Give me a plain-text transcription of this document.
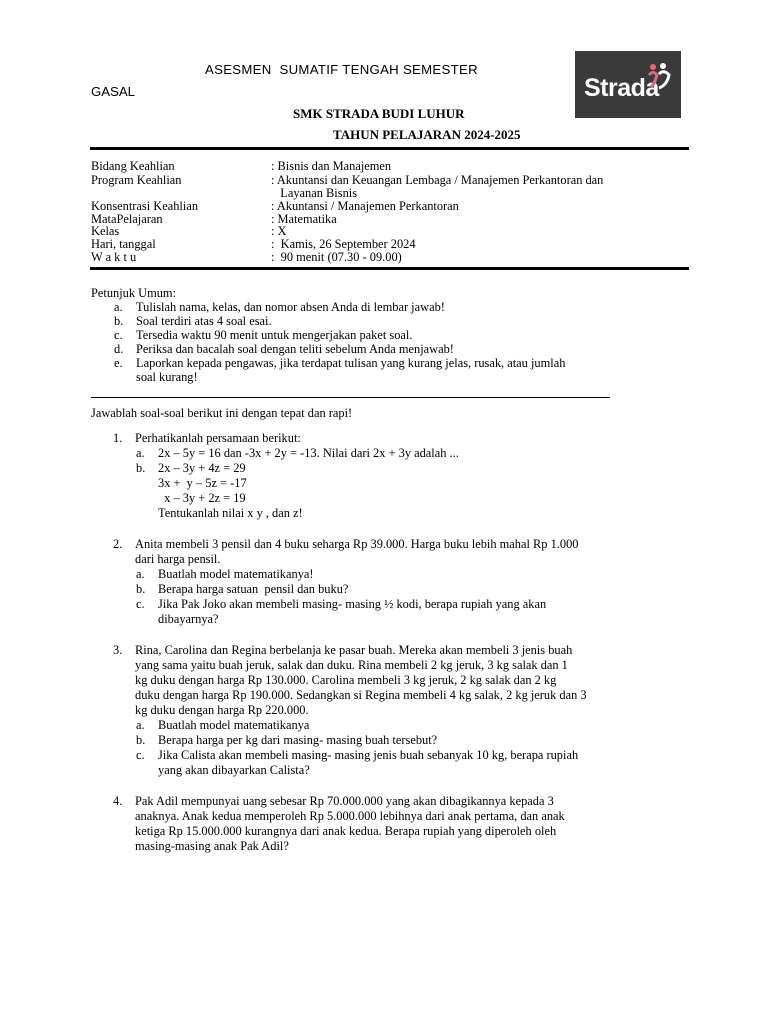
ASESMEN  SUMATIF TENGAH SEMESTER
GASAL
SMK STRADA BUDI LUHUR
TAHUN PELAJARAN 2024-2025
Strada
Bidang Keahlian	: Bisnis dan Manajemen
Program Keahlian	: Akuntansi dan Keuangan Lembaga / Manajemen Perkantoran dan
Layanan Bisnis
Konsentrasi Keahlian	: Akuntansi / Manajemen Perkantoran
MataPelajaran	: Matematika
Kelas	: X
Hari, tanggal	:  Kamis, 26 September 2024
W a k t u	:  90 menit (07.30 - 09.00)
Petunjuk Umum:
a. Tulislah nama, kelas, dan nomor absen Anda di lembar jawab!
b. Soal terdiri atas 4 soal esai.
c. Tersedia waktu 90 menit untuk mengerjakan paket soal.
d. Periksa dan bacalah soal dengan teliti sebelum Anda menjawab!
e. Laporkan kepada pengawas, jika terdapat tulisan yang kurang jelas, rusak, atau jumlah
soal kurang!
Jawablah soal-soal berikut ini dengan tepat dan rapi!
1. Perhatikanlah persamaan berikut:
a. 2x – 5y = 16 dan -3x + 2y = -13. Nilai dari 2x + 3y adalah ...
b. 2x – 3y + 4z = 29
3x +  y – 5z = -17
x – 3y + 2z = 19
Tentukanlah nilai x y , dan z!
2. Anita membeli 3 pensil dan 4 buku seharga Rp 39.000. Harga buku lebih mahal Rp 1.000
dari harga pensil.
a. Buatlah model matematikanya!
b. Berapa harga satuan  pensil dan buku?
c. Jika Pak Joko akan membeli masing- masing ½ kodi, berapa rupiah yang akan
dibayarnya?
3. Rina, Carolina dan Regina berbelanja ke pasar buah. Mereka akan membeli 3 jenis buah
yang sama yaitu buah jeruk, salak dan duku. Rina membeli 2 kg jeruk, 3 kg salak dan 1
kg duku dengan harga Rp 130.000. Carolina membeli 3 kg jeruk, 2 kg salak dan 2 kg
duku dengan harga Rp 190.000. Sedangkan si Regina membeli 4 kg salak, 2 kg jeruk dan 3
kg duku dengan harga Rp 220.000.
a. Buatlah model matematikanya
b. Berapa harga per kg dari masing- masing buah tersebut?
c. Jika Calista akan membeli masing- masing jenis buah sebanyak 10 kg, berapa rupiah
yang akan dibayarkan Calista?
4. Pak Adil mempunyai uang sebesar Rp 70.000.000 yang akan dibagikannya kepada 3
anaknya. Anak kedua memperoleh Rp 5.000.000 lebihnya dari anak pertama, dan anak
ketiga Rp 15.000.000 kurangnya dari anak kedua. Berapa rupiah yang diperoleh oleh
masing-masing anak Pak Adil?
